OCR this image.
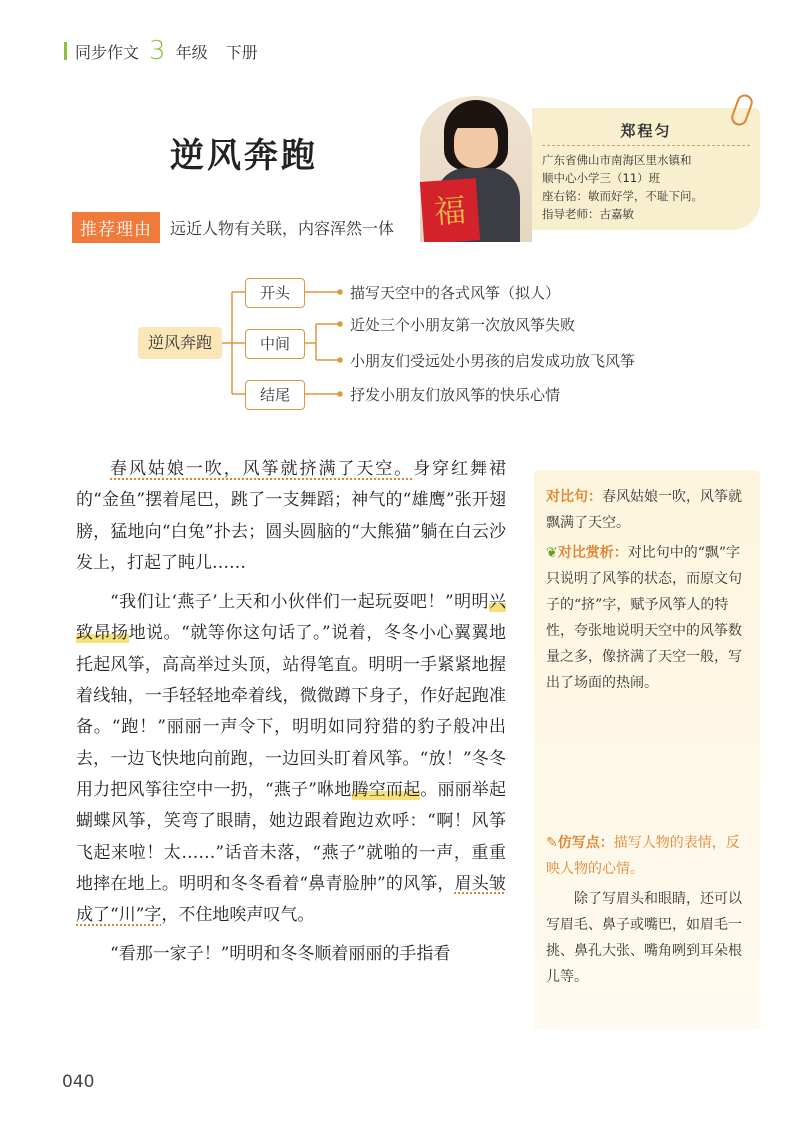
同步作文 3 年级 下册
逆风奔跑
推荐理由	远近人物有关联，内容浑然一体	福
郑程匀
广东省佛山市南海区里水镇和
顺中心小学三（11）班
座右铭：敏而好学，不耻下问。
指导老师：古嘉敏
逆风奔跑
开头
中间
结尾
描写天空中的各式风筝（拟人）
近处三个小朋友第一次放风筝失败
小朋友们受远处小男孩的启发成功放飞风筝
抒发小朋友们放风筝的快乐心情

春风姑娘一吹，风筝就挤满了天空。身穿红舞裙的“金鱼”摆着尾巴，跳了一支舞蹈；神气的“雄鹰”张开翅膀，猛地向“白兔”扑去；圆头圆脑的“大熊猫”躺在白云沙发上，打起了盹儿……

“我们让‘燕子’上天和小伙伴们一起玩耍吧！”明明兴致昂扬地说。“就等你这句话了。”说着，冬冬小心翼翼地托起风筝，高高举过头顶，站得笔直。明明一手紧紧地握着线轴，一手轻轻地牵着线，微微蹲下身子，作好起跑准备。“跑！”丽丽一声令下，明明如同狩猎的豹子般冲出去，一边飞快地向前跑，一边回头盯着风筝。“放！”冬冬用力把风筝往空中一扔，“燕子”咻地腾空而起。丽丽举起蝴蝶风筝，笑弯了眼睛，她边跟着跑边欢呼：“啊！风筝飞起来啦！太……”话音未落，“燕子”就啪的一声，重重地摔在地上。明明和冬冬看着“鼻青脸肿”的风筝，眉头皱成了“川”字，不住地唉声叹气。

“看那一家子！”明明和冬冬顺着丽丽的手指看

对比句：春风姑娘一吹，风筝就飘满了天空。

❦对比赏析：对比句中的“飘”字只说明了风筝的状态，而原文句子的“挤”字，赋予风筝人的特性，夸张地说明天空中的风筝数量之多，像挤满了天空一般，写出了场面的热闹。

✎仿写点：描写人物的表情，反映人物的心情。

除了写眉头和眼睛，还可以写眉毛、鼻子或嘴巴，如眉毛一挑、鼻孔大张、嘴角咧到耳朵根儿等。

040
